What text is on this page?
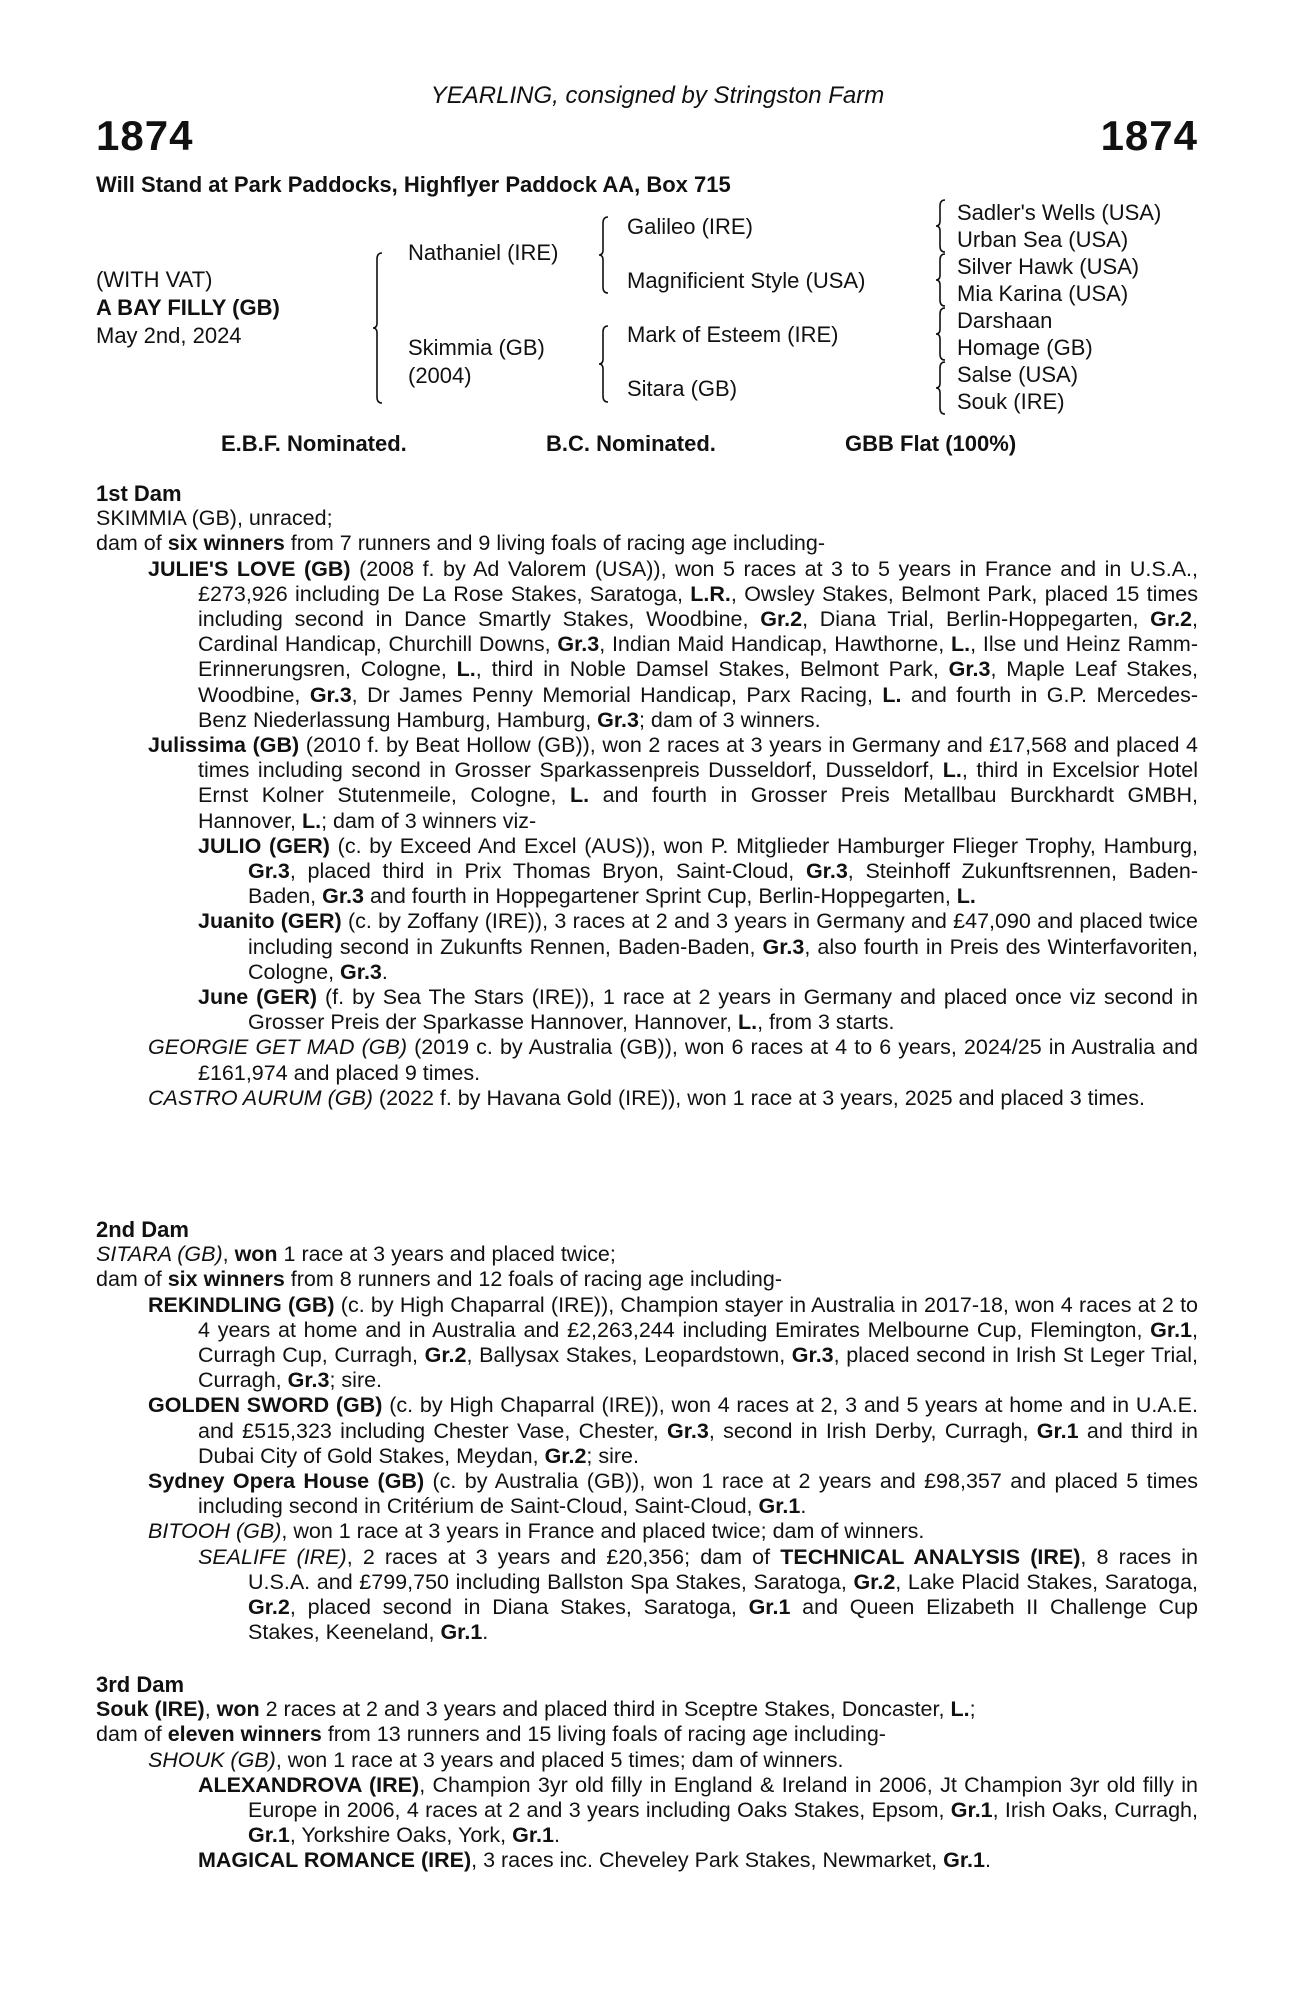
YEARLING, consigned by Stringston Farm
1874	1874
Will Stand at Park Paddocks, Highflyer Paddock AA, Box 715
(WITH VAT)
A BAY FILLY (GB)
May 2nd, 2024
Nathaniel (IRE)
Skimmia (GB)
(2004)
Galileo (IRE)
Magnificient Style (USA)
Mark of Esteem (IRE)
Sitara (GB)
Sadler's Wells (USA)
Urban Sea (USA)
Silver Hawk (USA)
Mia Karina (USA)
Darshaan
Homage (GB)
Salse (USA)
Souk (IRE)
E.B.F. Nominated.	B.C. Nominated.	GBB Flat (100%)
1st Dam
SKIMMIA (GB), unraced;
dam of six winners from 7 runners and 9 living foals of racing age including-
JULIE'S LOVE (GB) (2008 f. by Ad Valorem (USA)), won 5 races at 3 to 5 years in France and in U.S.A., £273,926 including De La Rose Stakes, Saratoga, L.R., Owsley Stakes, Belmont Park, placed 15 times including second in Dance Smartly Stakes, Woodbine, Gr.2, Diana Trial, Berlin-Hoppegarten, Gr.2, Cardinal Handicap, Churchill Downs, Gr.3, Indian Maid Handicap, Hawthorne, L., Ilse und Heinz Ramm-Erinnerungsren, Cologne, L., third in Noble Damsel Stakes, Belmont Park, Gr.3, Maple Leaf Stakes, Woodbine, Gr.3, Dr James Penny Memorial Handicap, Parx Racing, L. and fourth in G.P. Mercedes-Benz Niederlassung Hamburg, Hamburg, Gr.3; dam of 3 winners.
Julissima (GB) (2010 f. by Beat Hollow (GB)), won 2 races at 3 years in Germany and £17,568 and placed 4 times including second in Grosser Sparkassenpreis Dusseldorf, Dusseldorf, L., third in Excelsior Hotel Ernst Kolner Stutenmeile, Cologne, L. and fourth in Grosser Preis Metallbau Burckhardt GMBH, Hannover, L.; dam of 3 winners viz-
JULIO (GER) (c. by Exceed And Excel (AUS)), won P. Mitglieder Hamburger Flieger Trophy, Hamburg, Gr.3, placed third in Prix Thomas Bryon, Saint-Cloud, Gr.3, Steinhoff Zukunftsrennen, Baden-Baden, Gr.3 and fourth in Hoppegartener Sprint Cup, Berlin-Hoppegarten, L.
Juanito (GER) (c. by Zoffany (IRE)), 3 races at 2 and 3 years in Germany and £47,090 and placed twice including second in Zukunfts Rennen, Baden-Baden, Gr.3, also fourth in Preis des Winterfavoriten, Cologne, Gr.3.
June (GER) (f. by Sea The Stars (IRE)), 1 race at 2 years in Germany and placed once viz second in Grosser Preis der Sparkasse Hannover, Hannover, L., from 3 starts.
GEORGIE GET MAD (GB) (2019 c. by Australia (GB)), won 6 races at 4 to 6 years, 2024/25 in Australia and £161,974 and placed 9 times.
CASTRO AURUM (GB) (2022 f. by Havana Gold (IRE)), won 1 race at 3 years, 2025 and placed 3 times.
2nd Dam
SITARA (GB), won 1 race at 3 years and placed twice;
dam of six winners from 8 runners and 12 foals of racing age including-
REKINDLING (GB) (c. by High Chaparral (IRE)), Champion stayer in Australia in 2017-18, won 4 races at 2 to 4 years at home and in Australia and £2,263,244 including Emirates Melbourne Cup, Flemington, Gr.1, Curragh Cup, Curragh, Gr.2, Ballysax Stakes, Leopardstown, Gr.3, placed second in Irish St Leger Trial, Curragh, Gr.3; sire.
GOLDEN SWORD (GB) (c. by High Chaparral (IRE)), won 4 races at 2, 3 and 5 years at home and in U.A.E. and £515,323 including Chester Vase, Chester, Gr.3, second in Irish Derby, Curragh, Gr.1 and third in Dubai City of Gold Stakes, Meydan, Gr.2; sire.
Sydney Opera House (GB) (c. by Australia (GB)), won 1 race at 2 years and £98,357 and placed 5 times including second in Critérium de Saint-Cloud, Saint-Cloud, Gr.1.
BITOOH (GB), won 1 race at 3 years in France and placed twice; dam of winners.
SEALIFE (IRE), 2 races at 3 years and £20,356; dam of TECHNICAL ANALYSIS (IRE), 8 races in U.S.A. and £799,750 including Ballston Spa Stakes, Saratoga, Gr.2, Lake Placid Stakes, Saratoga, Gr.2, placed second in Diana Stakes, Saratoga, Gr.1 and Queen Elizabeth II Challenge Cup Stakes, Keeneland, Gr.1.
3rd Dam
Souk (IRE), won 2 races at 2 and 3 years and placed third in Sceptre Stakes, Doncaster, L.;
dam of eleven winners from 13 runners and 15 living foals of racing age including-
SHOUK (GB), won 1 race at 3 years and placed 5 times; dam of winners.
ALEXANDROVA (IRE), Champion 3yr old filly in England & Ireland in 2006, Jt Champion 3yr old filly in Europe in 2006, 4 races at 2 and 3 years including Oaks Stakes, Epsom, Gr.1, Irish Oaks, Curragh, Gr.1, Yorkshire Oaks, York, Gr.1.
MAGICAL ROMANCE (IRE), 3 races inc. Cheveley Park Stakes, Newmarket, Gr.1.
